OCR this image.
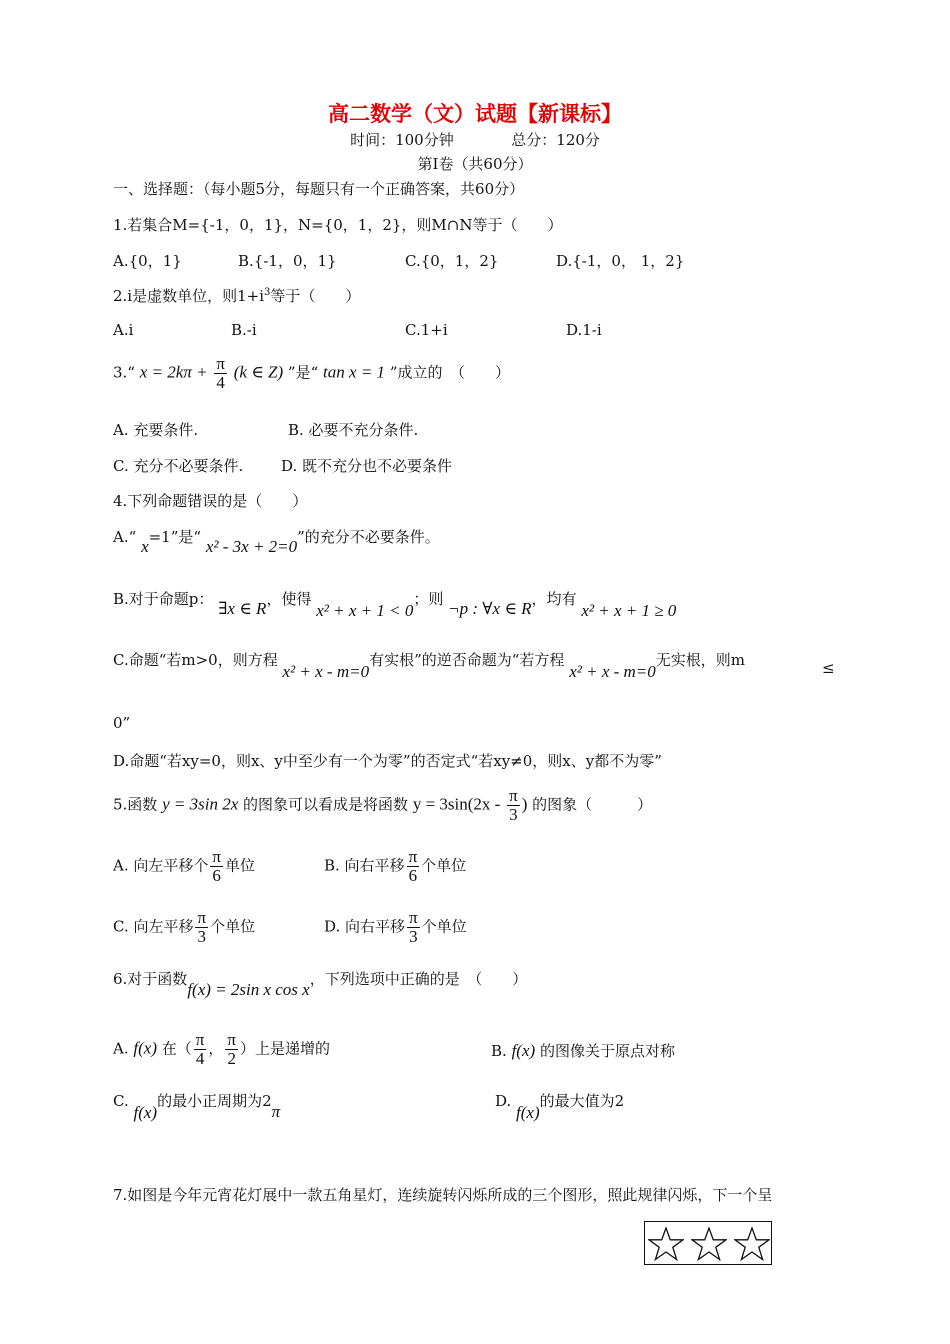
高二数学（文）试题【新课标】
时间：100分钟	总分：120分
第Ⅰ卷（共60分）
一、选择题：（每小题5分，每题只有一个正确答案，共60分）
1.若集合M={-1，0，1}，N={0，1，2}，则M∩N等于（　　）
A.{0，1}	B.{-1，0，1}	C.{0，1，2}	D.{-1，0， 1，2}
2.i是虚数单位，则$1+i^3$等于（　　）
A.i	B.-i	C.1+i	D.1-i
3.“ $x = 2k\pi + \frac{\pi}{4} (k$ ∈ Z) ”是“ tan x = 1 ”成立的　（　　）
A. 充要条件.	B. 必要不充分条件.
C. 充分不必要条件.	D. 既不充分也不必要条件
4.下列命题错误的是（　　）
A.“ x=1”是“ x² - 3x + 2=0”的充分不必要条件。
B.对于命题p： ∃x ∈ R，使得 x² + x + 1 < 0；则 ¬p : ∀x ∈ R，均有 x² + x + 1 ≥ 0
C.命题“若m>0，则方程 x² + x - m=0有实根”的逆否命题为“若方程 x² + x - m=0无实根，则m	≤
0”
D.命题“若xy=0，则x、y中至少有一个为零”的否定式“若xy≠0，则x、y都不为零”
5.函数 y = 3sin 2x 的图象可以看成是将函数 $y = 3\sin(2x - \frac{\pi}{3}$ ) 的图象（　　　）
A. 向左平移个 $\frac{\pi}{6}$ 单位	B. 向右平移 $\frac{\pi}{6}$ 个单位
C. 向左平移 $\frac{\pi}{3}$ 个单位	D. 向右平移 $\frac{\pi}{3}$ 个单位
6.对于函数f(x) = 2sin x cos x，下列选项中正确的是　（　　）
A. f(x) 在（ $\frac{\pi}{4}$ ， $\frac{\pi}{2}$ ）上是递增的	B. f(x) 的图像关于原点对称
C. f(x)的最小正周期为2π
D. f(x)的最大值为2
7.如图是今年元宵花灯展中一款五角星灯，连续旋转闪烁所成的三个图形，照此规律闪烁，下一个呈
